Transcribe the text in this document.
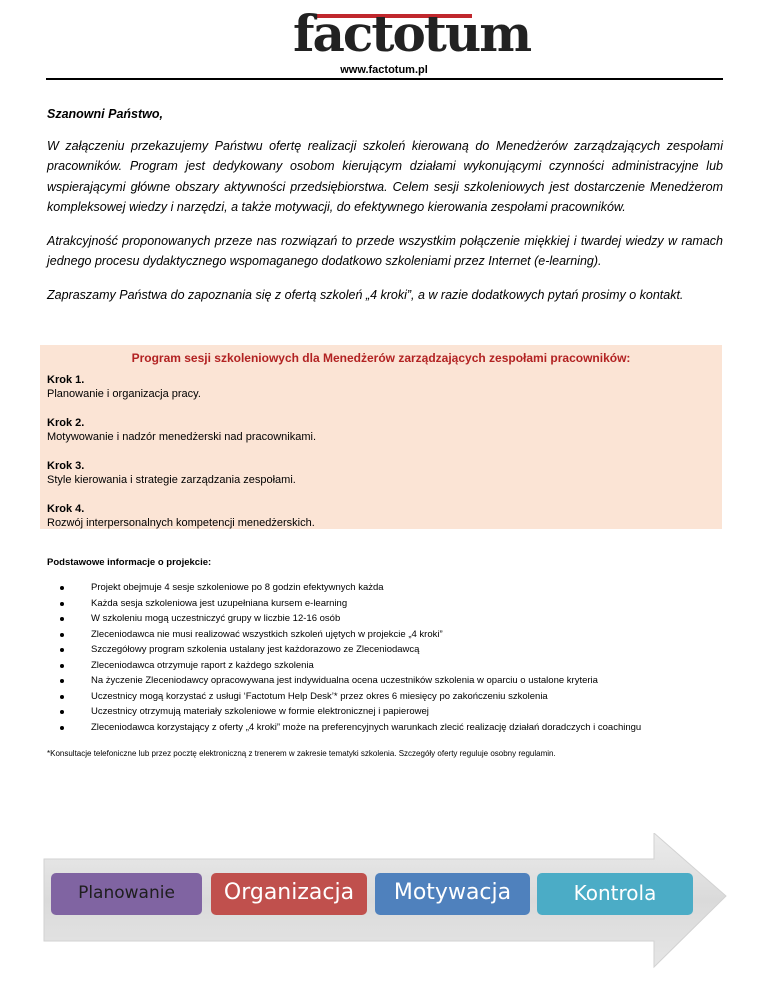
factotum
www.factotum.pl

Szanowni Państwo,

W załączeniu przekazujemy Państwu ofertę realizacji szkoleń kierowaną do Menedżerów zarządzających zespołami pracowników. Program jest dedykowany osobom kierującym działami wykonującymi czynności administracyjne lub wspierającymi główne obszary aktywności przedsiębiorstwa. Celem sesji szkoleniowych jest dostarczenie Menedżerom kompleksowej wiedzy i narzędzi, a także motywacji, do efektywnego kierowania zespołami pracowników.

Atrakcyjność proponowanych przeze nas rozwiązań to przede wszystkim połączenie miękkiej i twardej wiedzy w ramach jednego procesu dydaktycznego wspomaganego dodatkowo szkoleniami przez Internet (e-learning).

Zapraszamy Państwa do zapoznania się z ofertą szkoleń „4 kroki”, a w razie dodatkowych pytań prosimy o kontakt.

Program sesji szkoleniowych dla Menedżerów zarządzających zespołami pracowników:
Krok 1.
Planowanie i organizacja pracy.
Krok 2.
Motywowanie i nadzór menedżerski nad pracownikami.
Krok 3.
Style kierowania i strategie zarządzania zespołami.
Krok 4.
Rozwój interpersonalnych kompetencji menedżerskich.
Podstawowe informacje o projekcie:
Projekt obejmuje 4 sesje szkoleniowe po 8 godzin efektywnych każda
Każda sesja szkoleniowa jest uzupełniana kursem e-learning
W szkoleniu mogą uczestniczyć grupy w liczbie 12-16 osób
Zleceniodawca nie musi realizować wszystkich szkoleń ujętych w projekcie „4 kroki”
Szczegółowy program szkolenia ustalany jest każdorazowo ze Zleceniodawcą
Zleceniodawca otrzymuje raport z każdego szkolenia
Na życzenie Zleceniodawcy opracowywana jest indywidualna ocena uczestników szkolenia w oparciu o ustalone kryteria
Uczestnicy mogą korzystać z usługi ‘Factotum Help Desk’* przez okres 6 miesięcy po zakończeniu szkolenia
Uczestnicy otrzymują materiały szkoleniowe w formie elektronicznej i papierowej
Zleceniodawca korzystający z oferty „4 kroki” może na preferencyjnych warunkach zlecić realizację działań doradczych i coachingu
*Konsultacje telefoniczne lub przez pocztę elektroniczną z trenerem w zakresie tematyki szkolenia. Szczegóły oferty reguluje osobny regulamin.
Planowanie	Organizacja	Motywacja	Kontrola
